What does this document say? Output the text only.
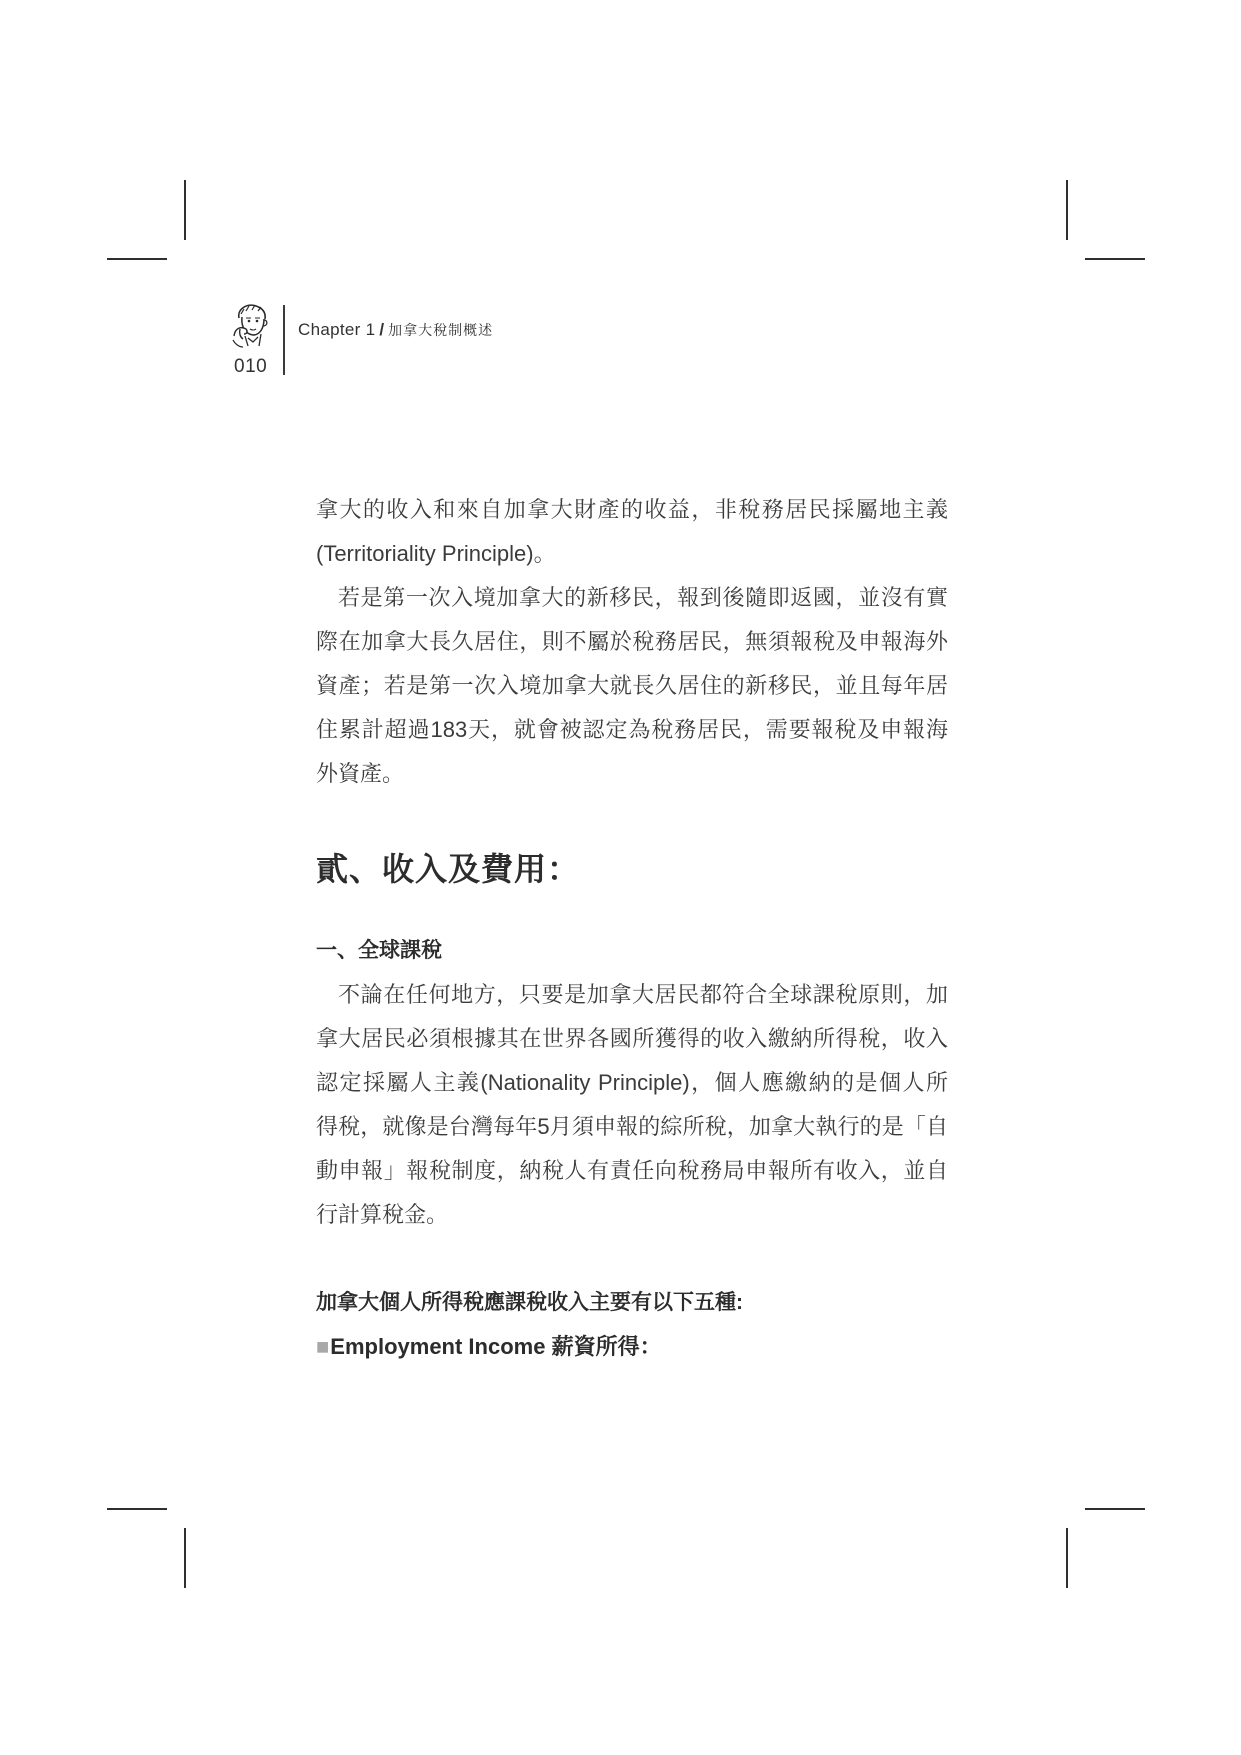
Chapter 1 / 加拿大稅制概述
010
拿大的收入和來自加拿大財產的收益，非稅務居民採屬地主義
(Territoriality Principle)。
若是第一次入境加拿大的新移民，報到後隨即返國，並沒有實
際在加拿大長久居住，則不屬於稅務居民，無須報稅及申報海外
資產；若是第一次入境加拿大就長久居住的新移民，並且每年居
住累計超過183天，就會被認定為稅務居民，需要報稅及申報海
外資產。
貳、收入及費用：
一、全球課稅
不論在任何地方，只要是加拿大居民都符合全球課稅原則，加
拿大居民必須根據其在世界各國所獲得的收入繳納所得稅，收入
認定採屬人主義(Nationality Principle)，個人應繳納的是個人所
得稅，就像是台灣每年5月須申報的綜所稅，加拿大執行的是「自
動申報」報稅制度，納稅人有責任向稅務局申報所有收入，並自
行計算稅金。
加拿大個人所得稅應課稅收入主要有以下五種:
■Employment Income 薪資所得：
